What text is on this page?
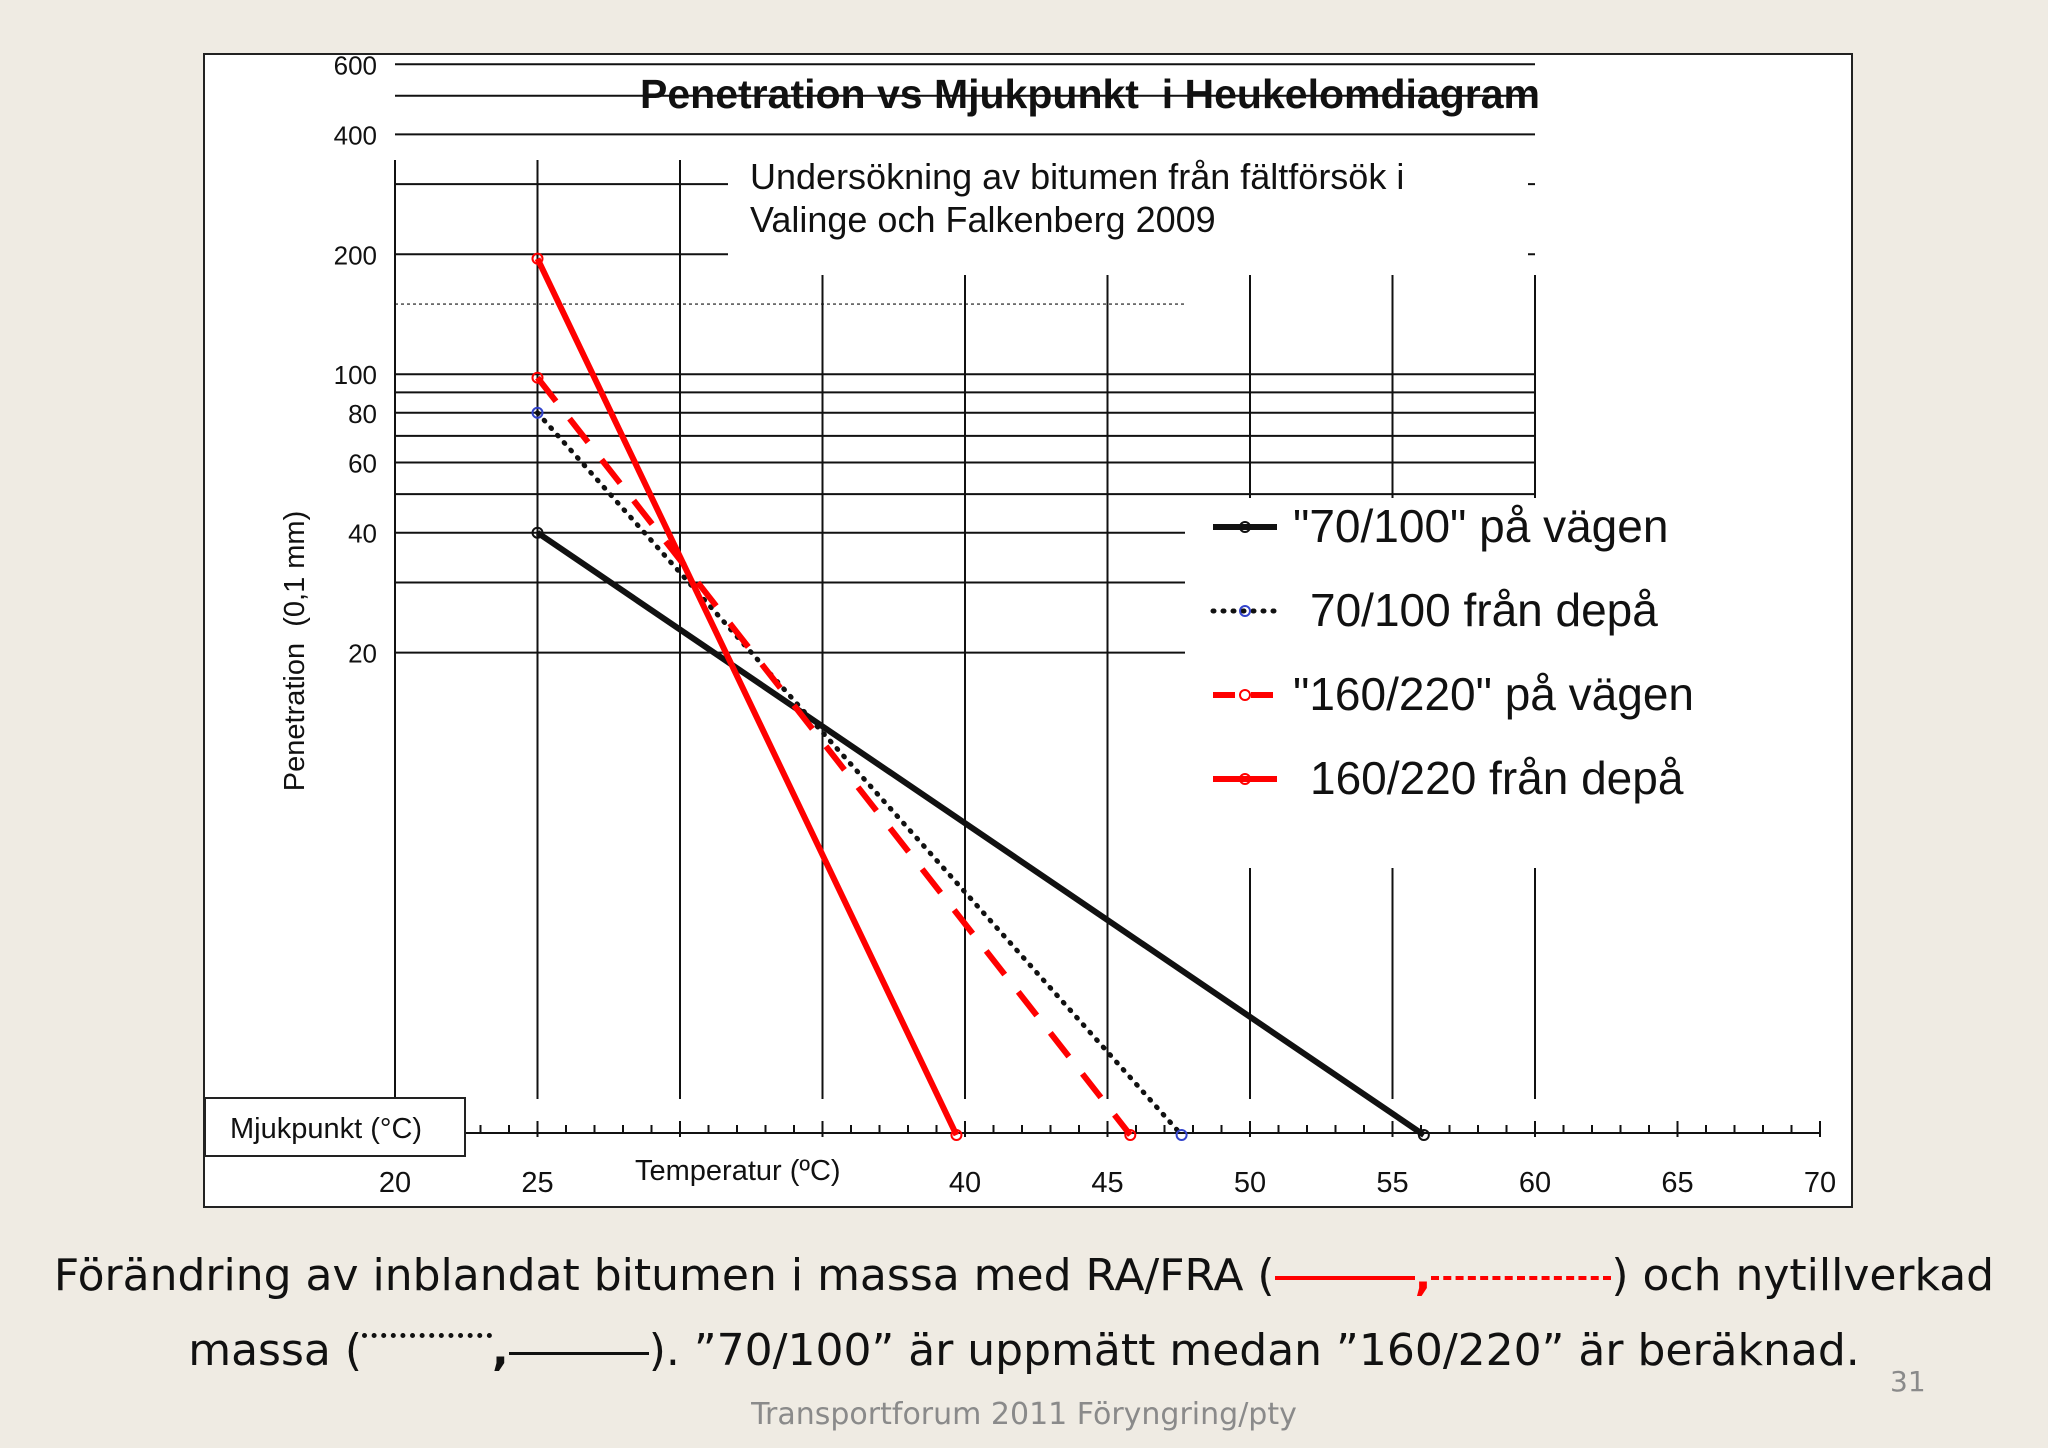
20
40
60
80
100
200
400
600
20	25	40	45	50	55	60	65	70
"70/100" på vägen
70/100 från depå
"160/220" på vägen
160/220 från depå
Penetration vs Mjukpunkt  i Heukelomdiagram
Undersökning av bitumen från fältförsök i
Valinge och Falkenberg 2009
Penetration  (0,1 mm)
Mjukpunkt (°C)
Temperatur (ºC)
Förändring av inblandat bitumen i massa med RA/FRA (	,	) och nytillverkad
massa (	,	). ”70/100” är uppmätt medan ”160/220” är beräknad.
31
Transportforum 2011 Föryngring/pty
